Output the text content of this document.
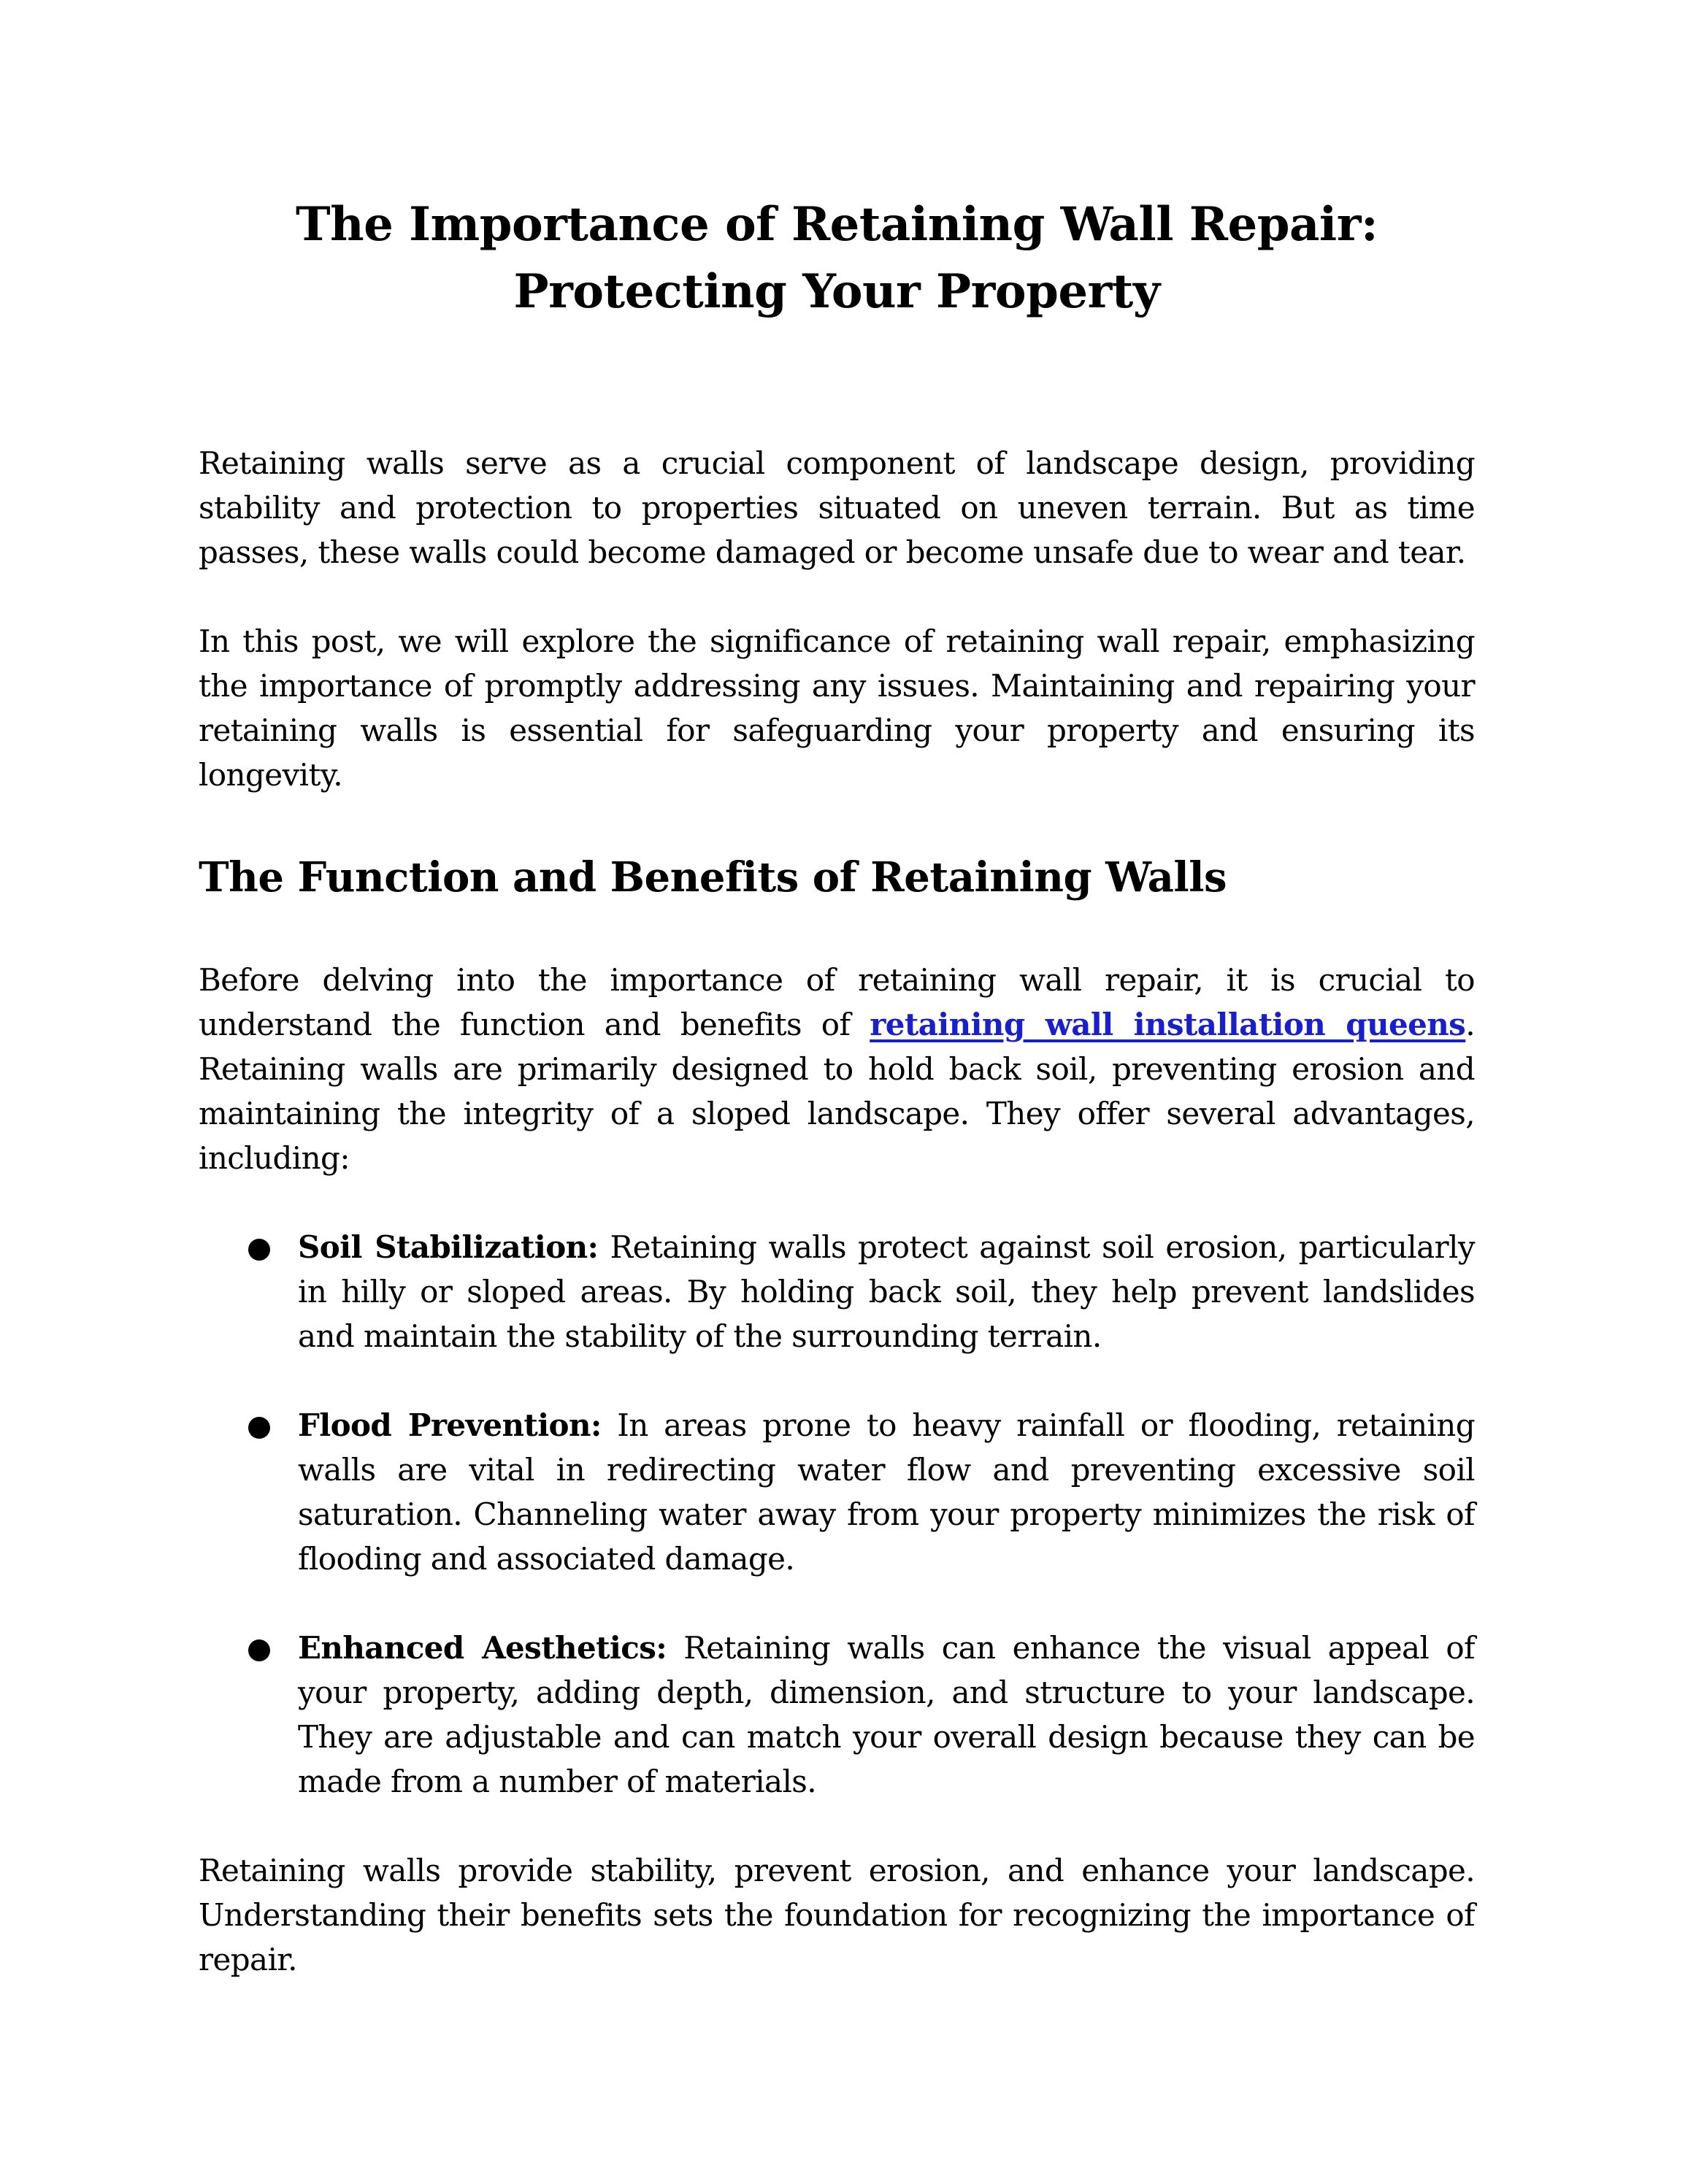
The Importance of Retaining Wall Repair: Protecting Your Property

Retaining walls serve as a crucial component of landscape design, providing stability and protection to properties situated on uneven terrain. But as time passes, these walls could become damaged or become unsafe due to wear and tear.

In this post, we will explore the significance of retaining wall repair, emphasizing the importance of promptly addressing any issues. Maintaining and repairing your retaining walls is essential for safeguarding your property and ensuring its longevity.

The Function and Benefits of Retaining Walls

Before delving into the importance of retaining wall repair, it is crucial to understand the function and benefits of retaining wall installation queens. Retaining walls are primarily designed to hold back soil, preventing erosion and maintaining the integrity of a sloped landscape. They offer several advantages, including:

Soil Stabilization: Retaining walls protect against soil erosion, particularly in hilly or sloped areas. By holding back soil, they help prevent landslides and maintain the stability of the surrounding terrain.

Flood Prevention: In areas prone to heavy rainfall or flooding, retaining walls are vital in redirecting water flow and preventing excessive soil saturation. Channeling water away from your property minimizes the risk of flooding and associated damage.

Enhanced Aesthetics: Retaining walls can enhance the visual appeal of your property, adding depth, dimension, and structure to your landscape. They are adjustable and can match your overall design because they can be made from a number of materials.

Retaining walls provide stability, prevent erosion, and enhance your landscape. Understanding their benefits sets the foundation for recognizing the importance of repair.
